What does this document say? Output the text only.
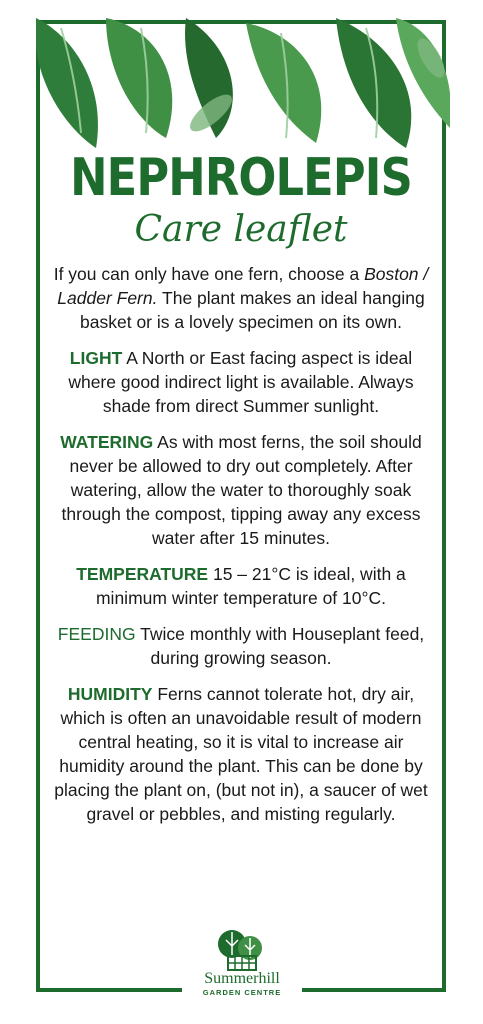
NEPHROLEPIS
Care leaflet

If you can only have one fern, choose a Boston / Ladder Fern. The plant makes an ideal hanging basket or is a lovely specimen on its own.

LIGHT A North or East facing aspect is ideal where good indirect light is available. Always shade from direct Summer sunlight.

WATERING As with most ferns, the soil should never be allowed to dry out completely. After watering, allow the water to thoroughly soak through the compost, tipping away any excess water after 15 minutes.

TEMPERATURE 15 – 21°C is ideal, with a minimum winter temperature of 10°C.

FEEDING Twice monthly with Houseplant feed, during growing season.

HUMIDITY Ferns cannot tolerate hot, dry air, which is often an unavoidable result of modern central heating, so it is vital to increase air humidity around the plant. This can be done by placing the plant on, (but not in), a saucer of wet gravel or pebbles, and misting regularly.

Summerhill
GARDEN CENTRE
